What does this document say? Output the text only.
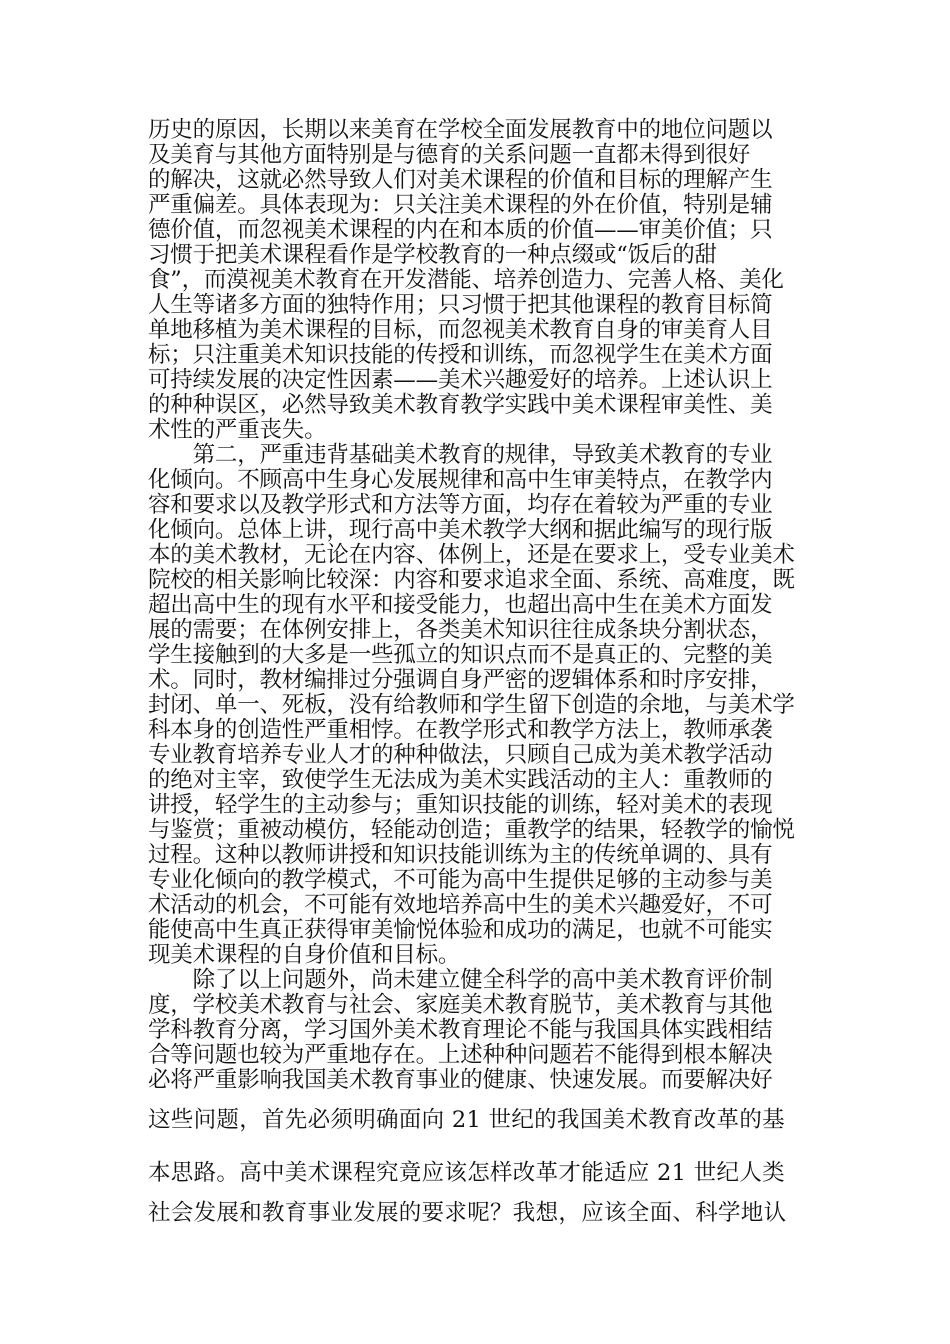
历史的原因，长期以来美育在学校全面发展教育中的地位问题以
及美育与其他方面特别是与德育的关系问题一直都未得到很好
的解决，这就必然导致人们对美术课程的价值和目标的理解产生
严重偏差。具体表现为：只关注美术课程的外在价值，特别是辅
德价值，而忽视美术课程的内在和本质的价值——审美价值；只
习惯于把美术课程看作是学校教育的一种点缀或“饭后的甜
食”，而漠视美术教育在开发潜能、培养创造力、完善人格、美化
人生等诸多方面的独特作用；只习惯于把其他课程的教育目标简
单地移植为美术课程的目标，而忽视美术教育自身的审美育人目
标；只注重美术知识技能的传授和训练，而忽视学生在美术方面
可持续发展的决定性因素——美术兴趣爱好的培养。上述认识上
的种种误区，必然导致美术教育教学实践中美术课程审美性、美
术性的严重丧失。
　　第二，严重违背基础美术教育的规律，导致美术教育的专业
化倾向。不顾高中生身心发展规律和高中生审美特点，在教学内
容和要求以及教学形式和方法等方面，均存在着较为严重的专业
化倾向。总体上讲，现行高中美术教学大纲和据此编写的现行版
本的美术教材，无论在内容、体例上，还是在要求上，受专业美术
院校的相关影响比较深：内容和要求追求全面、系统、高难度，既
超出高中生的现有水平和接受能力，也超出高中生在美术方面发
展的需要；在体例安排上，各类美术知识往往成条块分割状态，
学生接触到的大多是一些孤立的知识点而不是真正的、完整的美
术。同时，教材编排过分强调自身严密的逻辑体系和时序安排，
封闭、单一、死板，没有给教师和学生留下创造的余地，与美术学
科本身的创造性严重相悖。在教学形式和教学方法上，教师承袭
专业教育培养专业人才的种种做法，只顾自己成为美术教学活动
的绝对主宰，致使学生无法成为美术实践活动的主人：重教师的
讲授，轻学生的主动参与；重知识技能的训练，轻对美术的表现
与鉴赏；重被动模仿，轻能动创造；重教学的结果，轻教学的愉悦
过程。这种以教师讲授和知识技能训练为主的传统单调的、具有
专业化倾向的教学模式，不可能为高中生提供足够的主动参与美
术活动的机会，不可能有效地培养高中生的美术兴趣爱好，不可
能使高中生真正获得审美愉悦体验和成功的满足，也就不可能实
现美术课程的自身价值和目标。
　　除了以上问题外，尚未建立健全科学的高中美术教育评价制
度，学校美术教育与社会、家庭美术教育脱节，美术教育与其他
学科教育分离，学习国外美术教育理论不能与我国具体实践相结
合等问题也较为严重地存在。上述种种问题若不能得到根本解决
必将严重影响我国美术教育事业的健康、快速发展。而要解决好
这些问题，首先必须明确面向 21 世纪的我国美术教育改革的基
本思路。高中美术课程究竟应该怎样改革才能适应 21 世纪人类
社会发展和教育事业发展的要求呢？我想，应该全面、科学地认
